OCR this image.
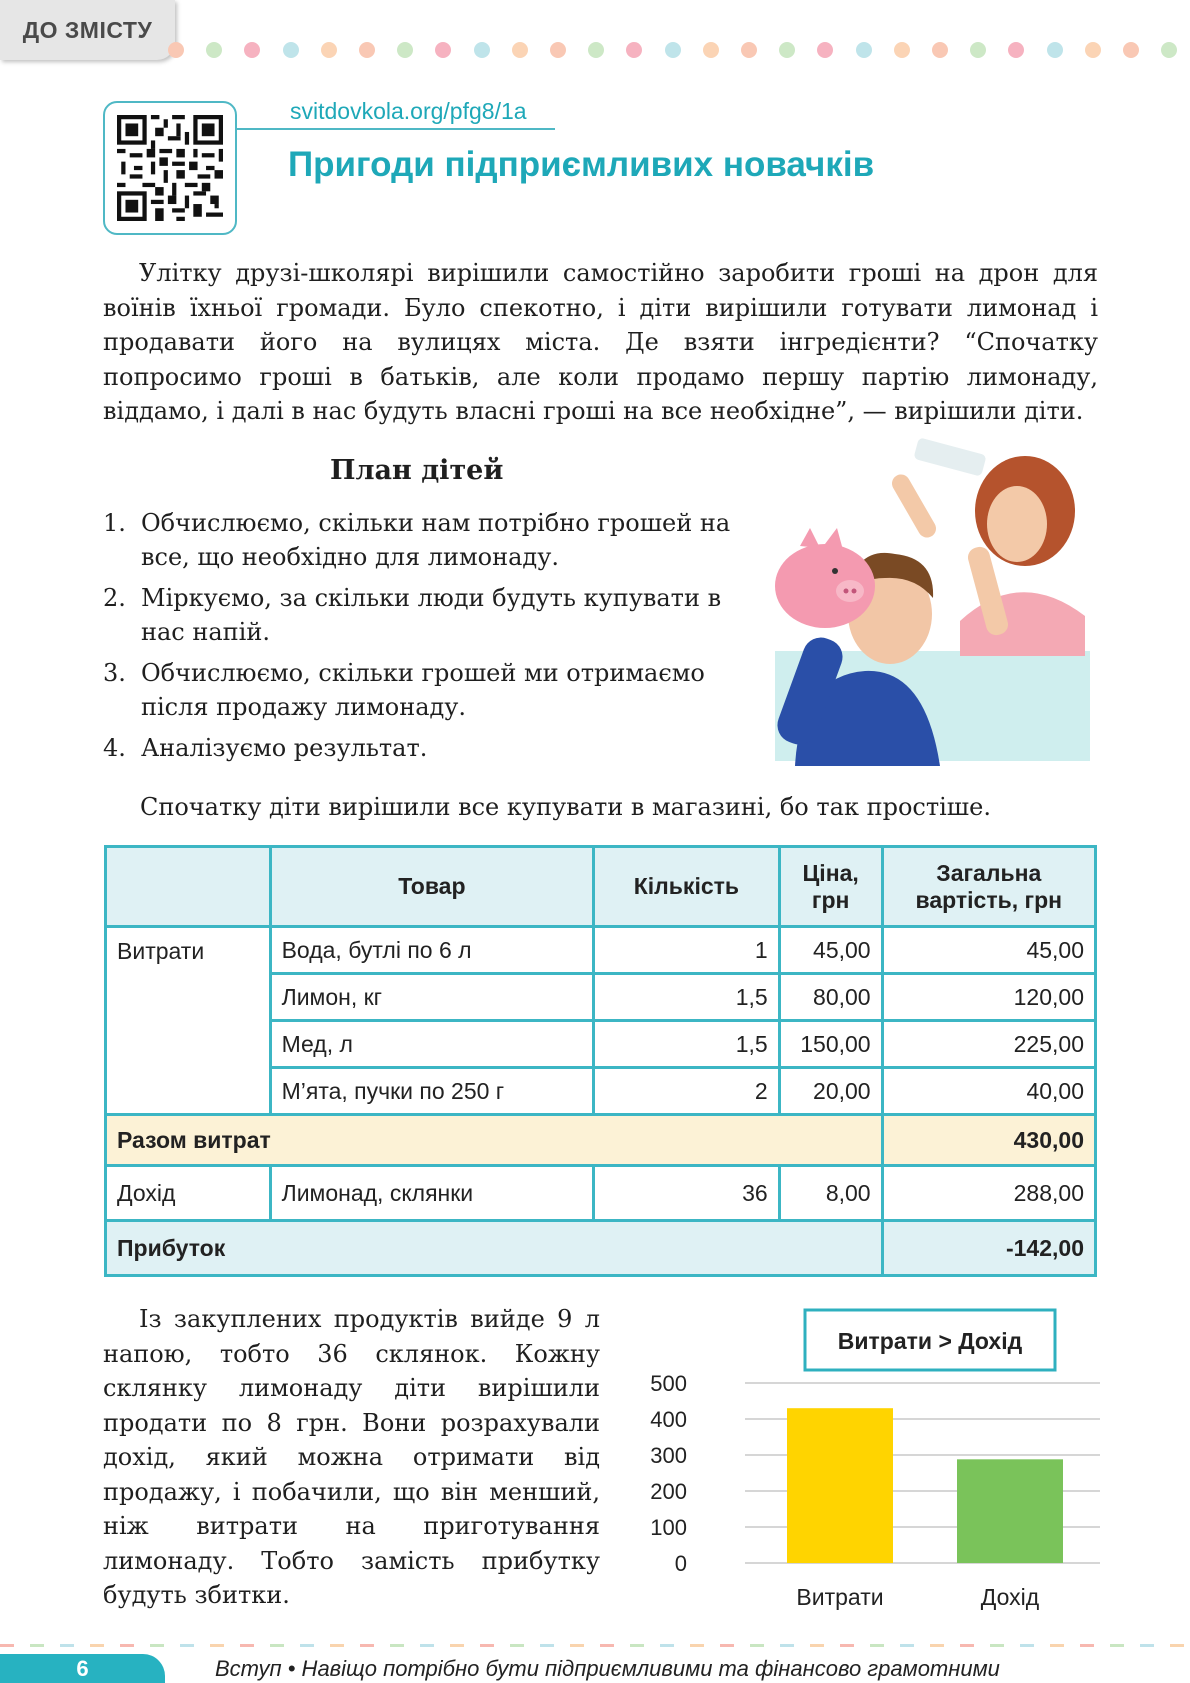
ДО ЗМІСТУ
svitdovkola.org/pfg8/1a
Пригоди підприємливих новачків

Улітку друзі-школярі вирішили самостійно заробити гроші на дрон для воїнів їхньої громади. Було спекотно, і діти вирішили готувати лимонад і продавати його на вулицях міста. Де взяти інгредієнти? “Спочатку попросимо гроші в батьків, але коли продамо першу партію лимонаду, віддамо, і далі в нас будуть власні гроші на все необхідне”, — вирішили діти.

План дітей
1. Обчислюємо, скільки нам потрібно грошей на все, що необхідно для лимонаду.
2. Міркуємо, за скільки люди будуть купувати в нас напій.
3. Обчислюємо, скільки грошей ми отримаємо після продажу лимонаду.
4. Аналізуємо результат.

Спочатку діти вирішили все купувати в магазині, бо так простіше.

	Товар	Кількість	Ціна, грн	Загальна вартість, грн
Витрати	Вода, бутлі по 6 л	1	45,00	45,00
	Лимон, кг	1,5	80,00	120,00
	Мед, л	1,5	150,00	225,00
	М’ята, пучки по 250 г	2	20,00	40,00
Разом витрат				430,00
Дохід	Лимонад, склянки	36	8,00	288,00
Прибуток				-142,00

Із закуплених продуктів вийде 9 л напою, тобто 36 склянок. Кожну склянку лимонаду діти вирішили продати по 8 грн. Вони розрахували дохід, який можна отримати від продажу, і побачили, що він менший, ніж витрати на приготування лимонаду. Тобто замість прибутку будуть збитки.

Витрати > Дохід
0
100
200
300
400
500
Витрати	Дохід
6	Вступ • Навіщо потрібно бути підприємливими та фінансово грамотними
